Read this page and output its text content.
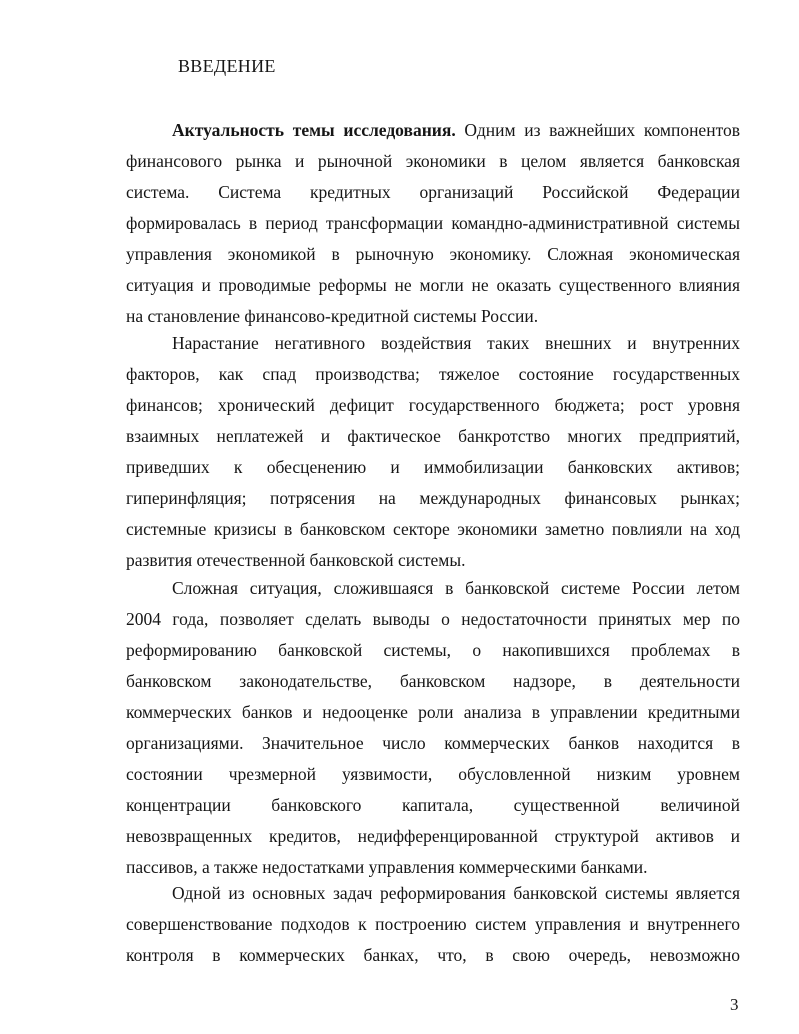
ВВЕДЕНИЕ
Актуальность темы исследования. Одним из важнейших компонентов
финансового рынка и рыночной экономики в целом является банковская
система. Система кредитных организаций Российской Федерации
формировалась в период трансформации командно-административной системы
управления экономикой в рыночную экономику. Сложная экономическая
ситуация и проводимые реформы не могли не оказать существенного влияния
на становление финансово-кредитной системы России.
Нарастание негативного воздействия таких внешних и внутренних
факторов, как спад производства; тяжелое состояние государственных
финансов; хронический дефицит государственного бюджета; рост уровня
взаимных неплатежей и фактическое банкротство многих предприятий,
приведших к обесценению и иммобилизации банковских активов;
гиперинфляция; потрясения на международных финансовых рынках;
системные кризисы в банковском секторе экономики заметно повлияли на ход
развития отечественной банковской системы.
Сложная ситуация, сложившаяся в банковской системе России летом
2004 года, позволяет сделать выводы о недостаточности принятых мер по
реформированию банковской системы, о накопившихся проблемах в
банковском законодательстве, банковском надзоре, в деятельности
коммерческих банков и недооценке роли анализа в управлении кредитными
организациями. Значительное число коммерческих банков находится в
состоянии чрезмерной уязвимости, обусловленной низким уровнем
концентрации банковского капитала, существенной величиной
невозвращенных кредитов, недифференцированной структурой активов и
пассивов, а также недостатками управления коммерческими банками.
Одной из основных задач реформирования банковской системы является
совершенствование подходов к построению систем управления и внутреннего
контроля в коммерческих банках, что, в свою очередь, невозможно
3
